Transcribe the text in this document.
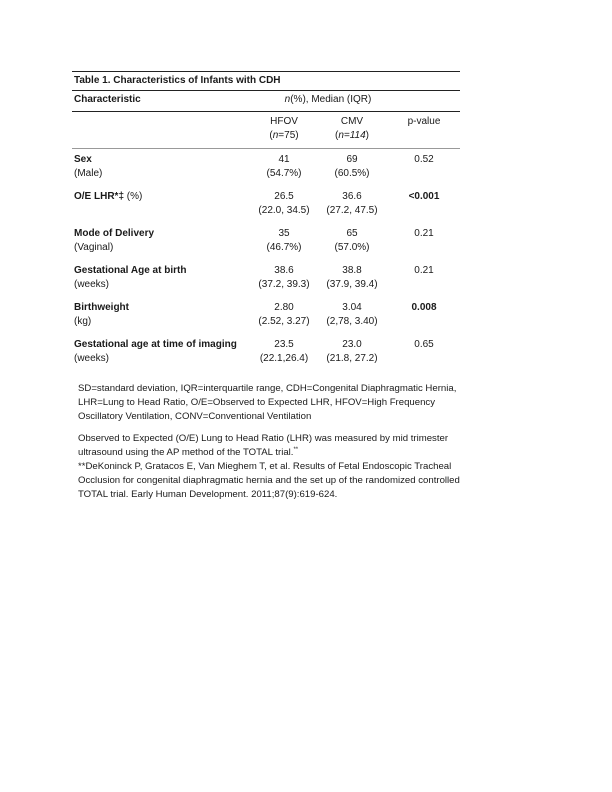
Table 1. Characteristics of Infants with CDH
Characteristic	n(%), Median (IQR)
HFOV
(n=75)
CMV
(n=114)
p-value
Sex
(Male)
41
(54.7%)
69
(60.5%)
0.52
O/E LHR*‡ (%)	26.5
(22.0, 34.5)
36.6
(27.2, 47.5)
<0.001
Mode of Delivery
(Vaginal)
35
(46.7%)
65
(57.0%)
0.21
Gestational Age at birth
(weeks)
38.6
(37.2, 39.3)
38.8
(37.9, 39.4)
0.21
Birthweight
(kg)
2.80
(2.52, 3.27)
3.04
(2,78, 3.40)
0.008
Gestational age at time of imaging
(weeks)
23.5
(22.1,26.4)
23.0
(21.8, 27.2)
0.65

SD=standard deviation, IQR=interquartile range, CDH=Congenital Diaphragmatic Hernia, LHR=Lung to Head Ratio, O/E=Observed to Expected LHR, HFOV=High Frequency Oscillatory Ventilation, CONV=Conventional Ventilation

Observed to Expected (O/E) Lung to Head Ratio (LHR) was measured by mid trimester ultrasound using the AP method of the TOTAL trial.**

**DeKoninck P, Gratacos E, Van Mieghem T, et al. Results of Fetal Endoscopic Tracheal Occlusion for congenital diaphragmatic hernia and the set up of the randomized controlled TOTAL trial. Early Human Development. 2011;87(9):619-624.
